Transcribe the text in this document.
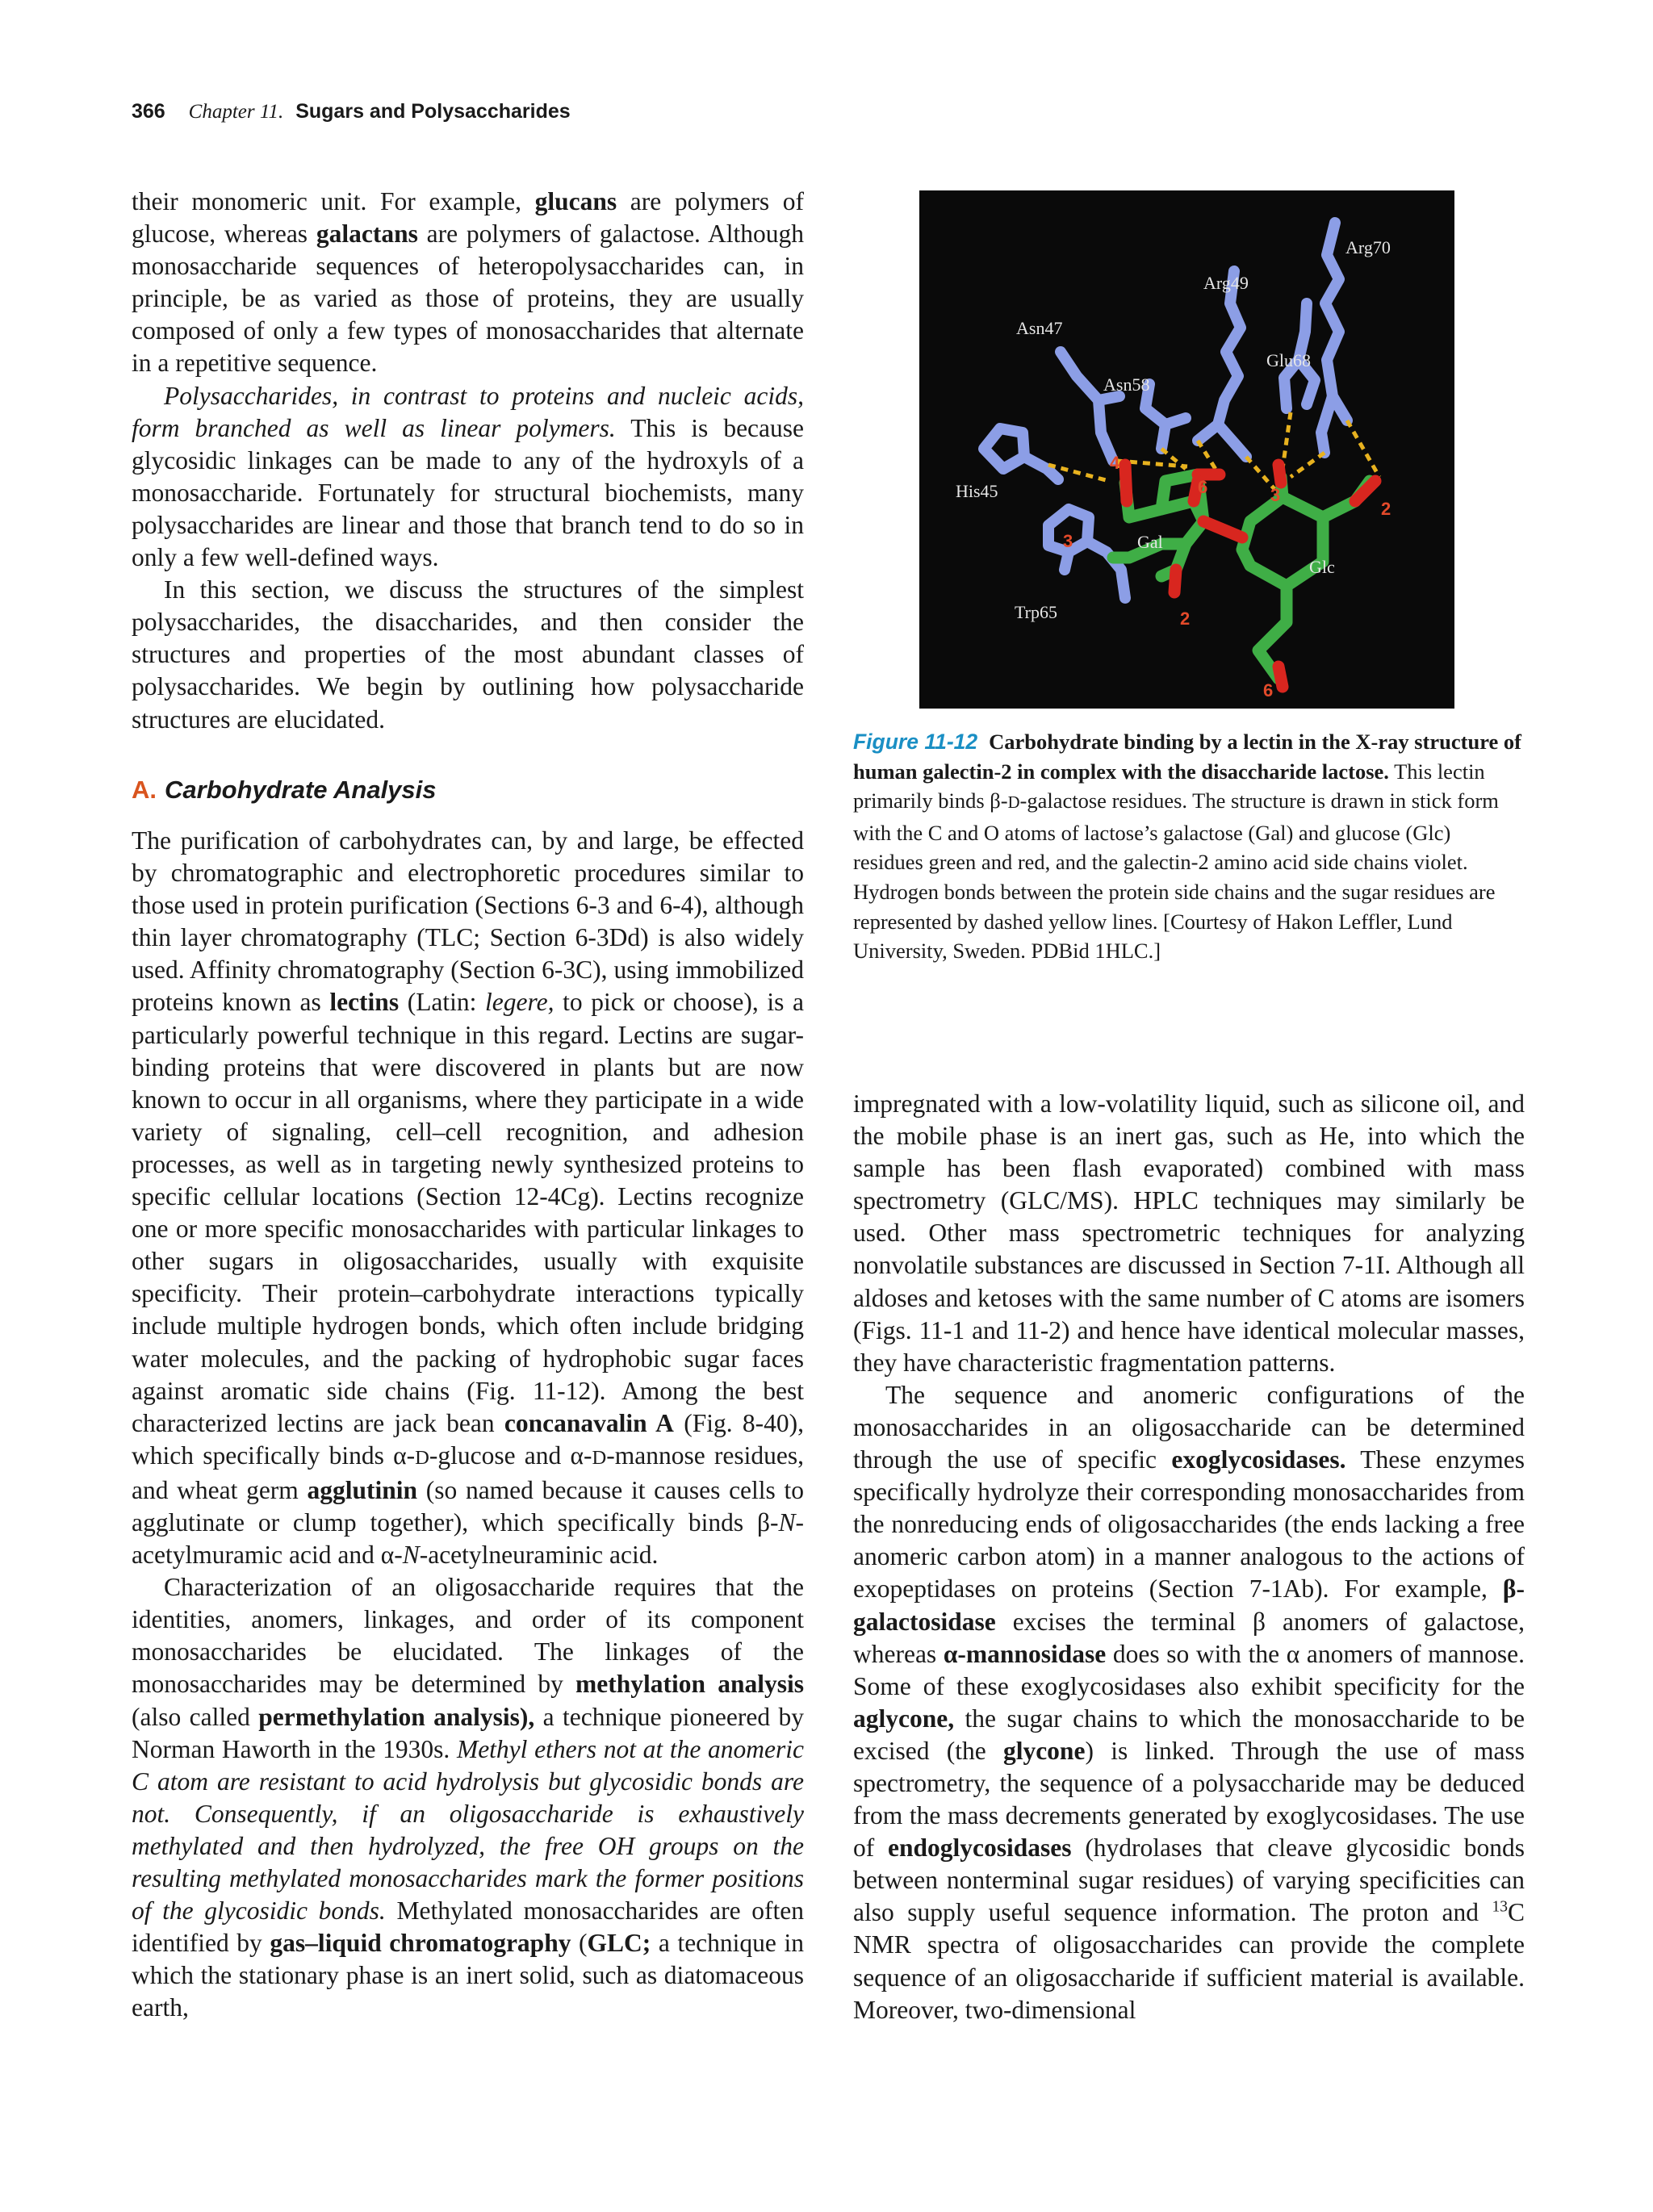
366 Chapter 11. Sugars and Polysaccharides

their monomeric unit. For example, glucans are polymers of glucose, whereas galactans are polymers of galactose. Although monosaccharide sequences of heteropolysaccharides can, in principle, be as varied as those of proteins, they are usually composed of only a few types of monosaccharides that alternate in a repetitive sequence.

Polysaccharides, in contrast to proteins and nucleic acids, form branched as well as linear polymers. This is because glycosidic linkages can be made to any of the hydroxyls of a monosaccharide. Fortunately for structural biochemists, many polysaccharides are linear and those that branch tend to do so in only a few well-defined ways.

In this section, we discuss the structures of the simplest polysaccharides, the disaccharides, and then consider the structures and properties of the most abundant classes of polysaccharides. We begin by outlining how polysaccharide structures are elucidated.

A. Carbohydrate Analysis

The purification of carbohydrates can, by and large, be effected by chromatographic and electrophoretic procedures similar to those used in protein purification (Sections 6-3 and 6-4), although thin layer chromatography (TLC; Section 6-3Dd) is also widely used. Affinity chromatography (Section 6-3C), using immobilized proteins known as lectins (Latin: legere, to pick or choose), is a particularly powerful technique in this regard. Lectins are sugar-binding proteins that were discovered in plants but are now known to occur in all organisms, where they participate in a wide variety of signaling, cell–cell recognition, and adhesion processes, as well as in targeting newly synthesized proteins to specific cellular locations (Section 12-4Cg). Lectins recognize one or more specific monosaccharides with particular linkages to other sugars in oligosaccharides, usually with exquisite specificity. Their protein–carbohydrate interactions typically include multiple hydrogen bonds, which often include bridging water molecules, and the packing of hydrophobic sugar faces against aromatic side chains (Fig. 11-12). Among the best characterized lectins are jack bean concanavalin A (Fig. 8-40), which specifically binds α-D-glucose and α-D-mannose residues, and wheat germ agglutinin (so named because it causes cells to agglutinate or clump together), which specifically binds β-N-acetylmuramic acid and α-N-acetylneuraminic acid.

Characterization of an oligosaccharide requires that the identities, anomers, linkages, and order of its component monosaccharides be elucidated. The linkages of the monosaccharides may be determined by methylation analysis (also called permethylation analysis), a technique pioneered by Norman Haworth in the 1930s. Methyl ethers not at the anomeric C atom are resistant to acid hydrolysis but glycosidic bonds are not. Consequently, if an oligosaccharide is exhaustively methylated and then hydrolyzed, the free OH groups on the resulting methylated monosaccharides mark the former positions of the glycosidic bonds. Methylated monosaccharides are often identified by gas–liquid chromatography (GLC; a technique in which the stationary phase is an inert solid, such as diatomaceous earth,

Arg70
Arg49
Asn47
Glu68
Asn58
His45
Gal
Glc
Trp65
4
6	3
2
3
2
6
Figure 11-12 Carbohydrate binding by a lectin in the X-ray structure of human galectin-2 in complex with the disaccharide lactose. This lectin primarily binds β-D-galactose residues. The structure is drawn in stick form with the C and O atoms of lactose’s galactose (Gal) and glucose (Glc) residues green and red, and the galectin-2 amino acid side chains violet. Hydrogen bonds between the protein side chains and the sugar residues are represented by dashed yellow lines. [Courtesy of Hakon Leffler, Lund University, Sweden. PDBid 1HLC.]

impregnated with a low-volatility liquid, such as silicone oil, and the mobile phase is an inert gas, such as He, into which the sample has been flash evaporated) combined with mass spectrometry (GLC/MS). HPLC techniques may similarly be used. Other mass spectrometric techniques for analyzing nonvolatile substances are discussed in Section 7-1I. Although all aldoses and ketoses with the same number of C atoms are isomers (Figs. 11-1 and 11-2) and hence have identical molecular masses, they have characteristic fragmentation patterns.

The sequence and anomeric configurations of the monosaccharides in an oligosaccharide can be determined through the use of specific exoglycosidases. These enzymes specifically hydrolyze their corresponding monosaccharides from the nonreducing ends of oligosaccharides (the ends lacking a free anomeric carbon atom) in a manner analogous to the actions of exopeptidases on proteins (Section 7-1Ab). For example, β-galactosidase excises the terminal β anomers of galactose, whereas α-mannosidase does so with the α anomers of mannose. Some of these exoglycosidases also exhibit specificity for the aglycone, the sugar chains to which the monosaccharide to be excised (the glycone) is linked. Through the use of mass spectrometry, the sequence of a polysaccharide may be deduced from the mass decrements generated by exoglycosidases. The use of endoglycosidases (hydrolases that cleave glycosidic bonds between nonterminal sugar residues) of varying specificities can also supply useful sequence information. The proton and $^{13}$C NMR spectra of oligosaccharides can provide the complete sequence of an oligosaccharide if sufficient material is available. Moreover, two-dimensional
